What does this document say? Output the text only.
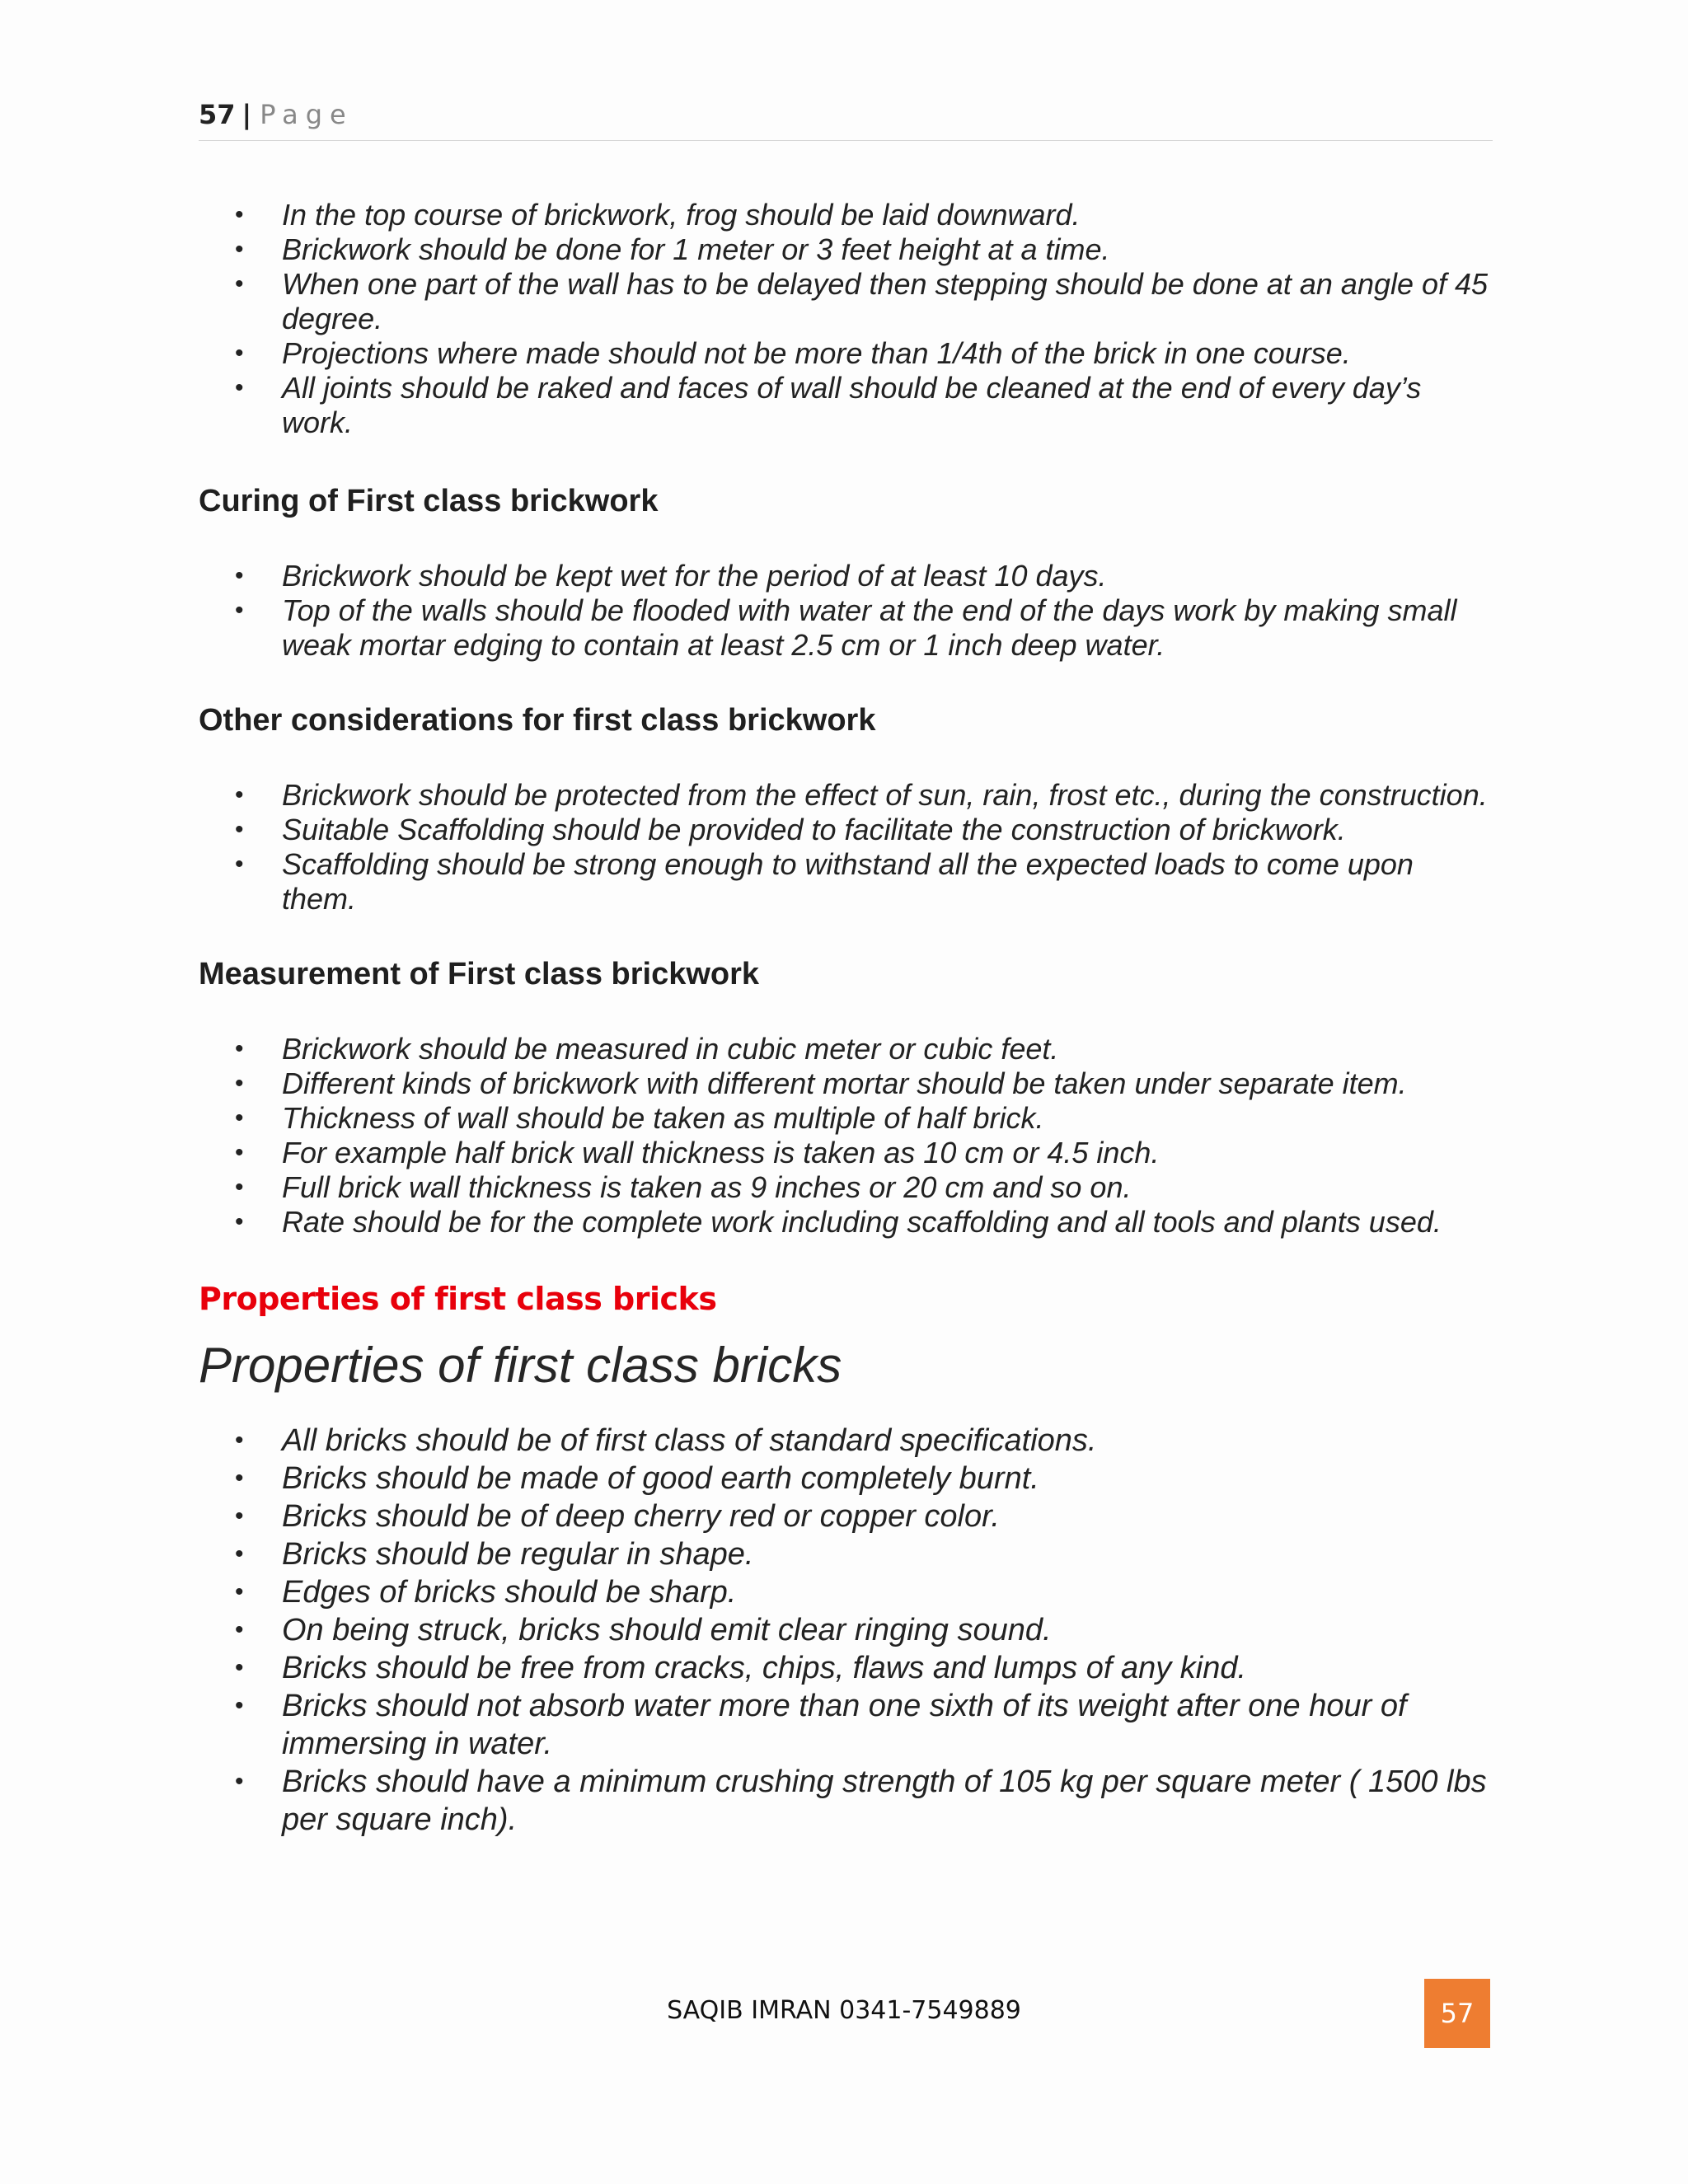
57 | Page
• In the top course of brickwork, frog should be laid downward.
• Brickwork should be done for 1 meter or 3 feet height at a time.
• When one part of the wall has to be delayed then stepping should be done at an angle of 45 degree.
• Projections where made should not be more than 1/4th of the brick in one course.
• All joints should be raked and faces of wall should be cleaned at the end of every day’s work.
Curing of First class brickwork
• Brickwork should be kept wet for the period of at least 10 days.
• Top of the walls should be flooded with water at the end of the days work by making small weak mortar edging to contain at least 2.5 cm or 1 inch deep water.
Other considerations for first class brickwork
• Brickwork should be protected from the effect of sun, rain, frost etc., during the construction.
• Suitable Scaffolding should be provided to facilitate the construction of brickwork.
• Scaffolding should be strong enough to withstand all the expected loads to come upon them.
Measurement of First class brickwork
• Brickwork should be measured in cubic meter or cubic feet.
• Different kinds of brickwork with different mortar should be taken under separate item.
• Thickness of wall should be taken as multiple of half brick.
• For example half brick wall thickness is taken as 10 cm or 4.5 inch.
• Full brick wall thickness is taken as 9 inches or 20 cm and so on.
• Rate should be for the complete work including scaffolding and all tools and plants used.
Properties of first class bricks
Properties of first class bricks
• All bricks should be of first class of standard specifications.
• Bricks should be made of good earth completely burnt.
• Bricks should be of deep cherry red or copper color.
• Bricks should be regular in shape.
• Edges of bricks should be sharp.
• On being struck, bricks should emit clear ringing sound.
• Bricks should be free from cracks, chips, flaws and lumps of any kind.
• Bricks should not absorb water more than one sixth of its weight after one hour of immersing in water.
• Bricks should have a minimum crushing strength of 105 kg per square meter ( 1500 lbs per square inch).
SAQIB IMRAN 0341-7549889	57
